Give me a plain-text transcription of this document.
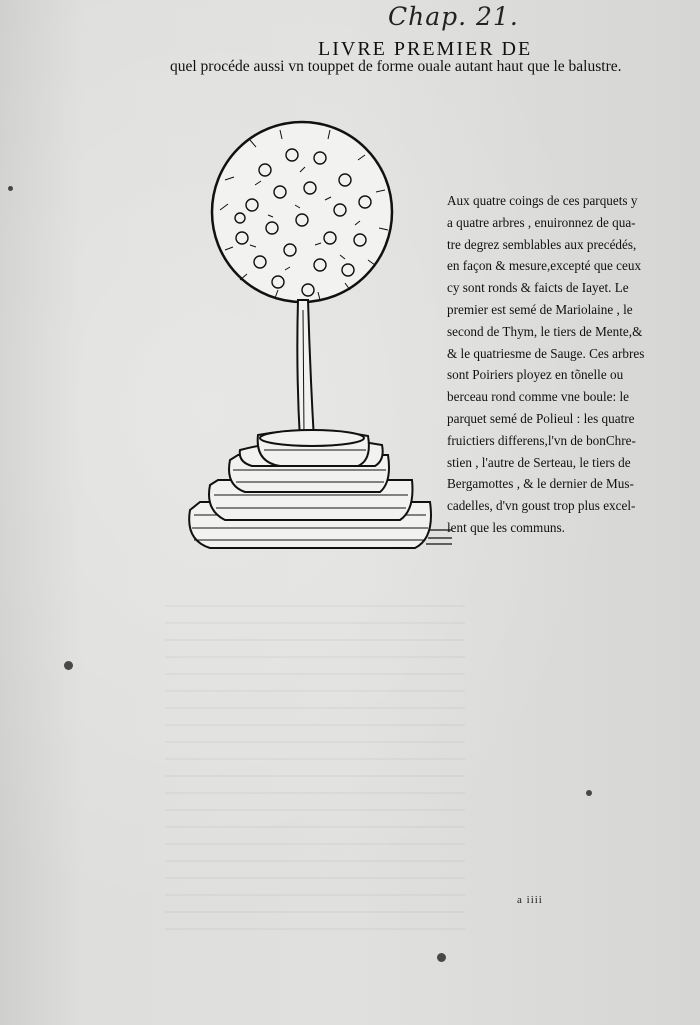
Chap. 21.
LIVRE PREMIER DE
quel procéde aussi vn touppet de forme ouale autant haut que le balustre.
Aux quatre coings de ces parquets y
a quatre arbres , enuironnez de qua-
tre degrez semblables aux precédés,
en façon & mesure,excepté que ceux
cy sont ronds & faicts de Iayet. Le
premier est semé de Mariolaine , le
second de Thym, le tiers de Mente,&
& le quatriesme de Sauge. Ces arbres
sont Poiriers ployez en tõnelle ou
berceau rond comme vne boule: le
parquet semé de Polieul : les quatre
fruictiers differens,l'vn de bonChre-
stien , l'autre de Serteau, le tiers de
Bergamottes , & le dernier de Mus-
cadelles, d'vn goust trop plus excel-
lent que les communs.
a iiii
